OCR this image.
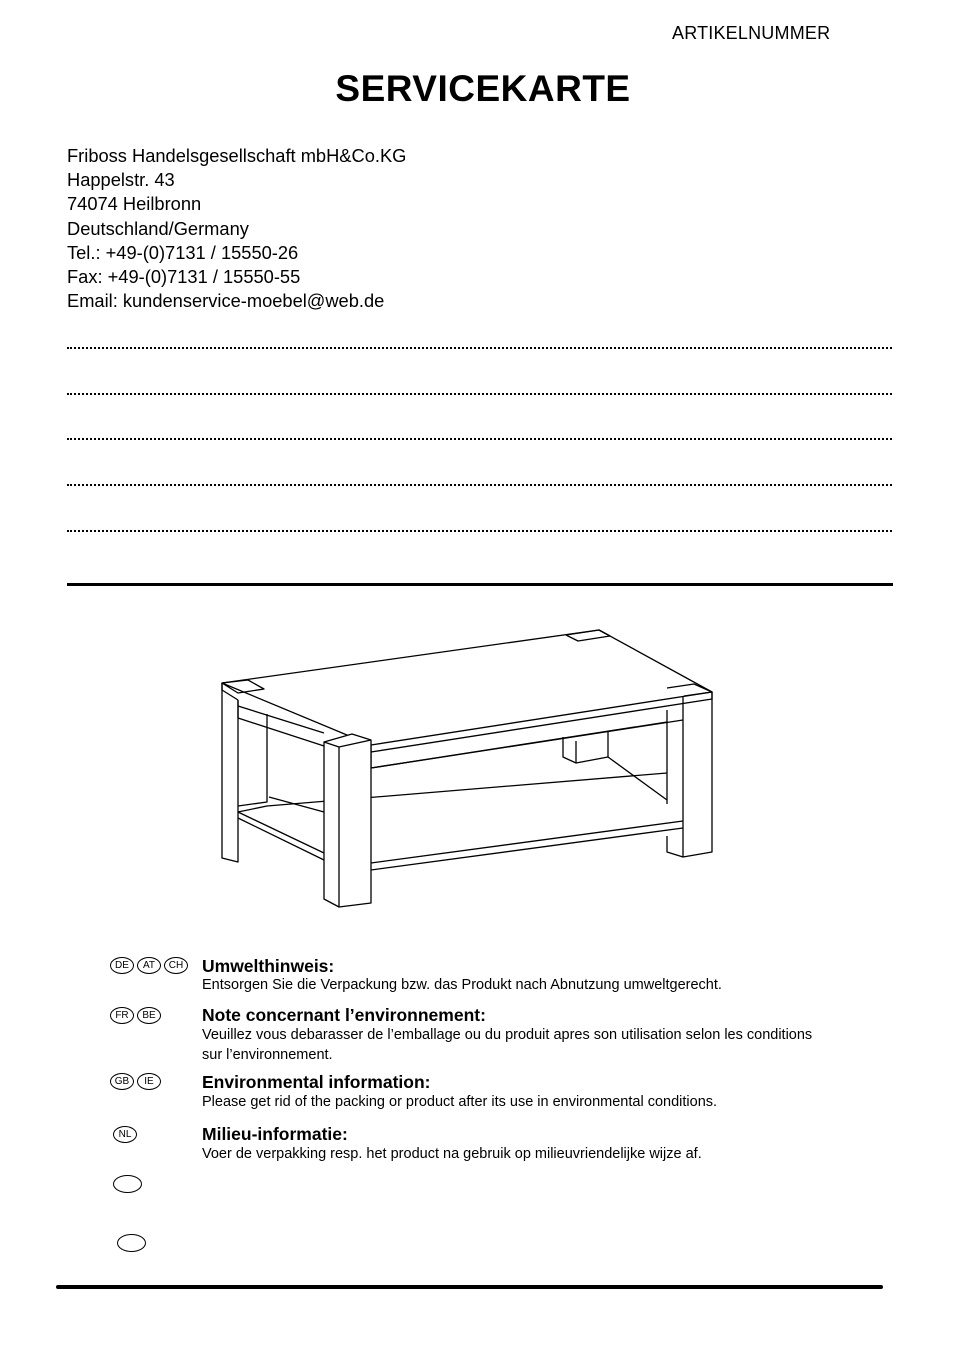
ARTIKELNUMMER
SERVICEKARTE
Friboss Handelsgesellschaft mbH&Co.KG
Happelstr. 43
74074 Heilbronn
Deutschland/Germany
Tel.: +49-(0)7131 / 15550-26
Fax: +49-(0)7131 / 15550-55
Email: kundenservice-moebel@web.de
DE	AT	CH Umwelthinweis:
Entsorgen Sie die Verpackung bzw. das Produkt nach Abnutzung umweltgerecht.
FR	BE	Note concernant l’environnement:
Veuillez vous debarasser de l’emballage ou du produit apres son utilisation selon les conditions sur l’environnement.
GB	IE	Environmental information:
Please get rid of the packing or product after its use in environmental conditions.
NL	Milieu-informatie:
Voer de verpakking resp. het product na gebruik op milieuvriendelijke wijze af.
